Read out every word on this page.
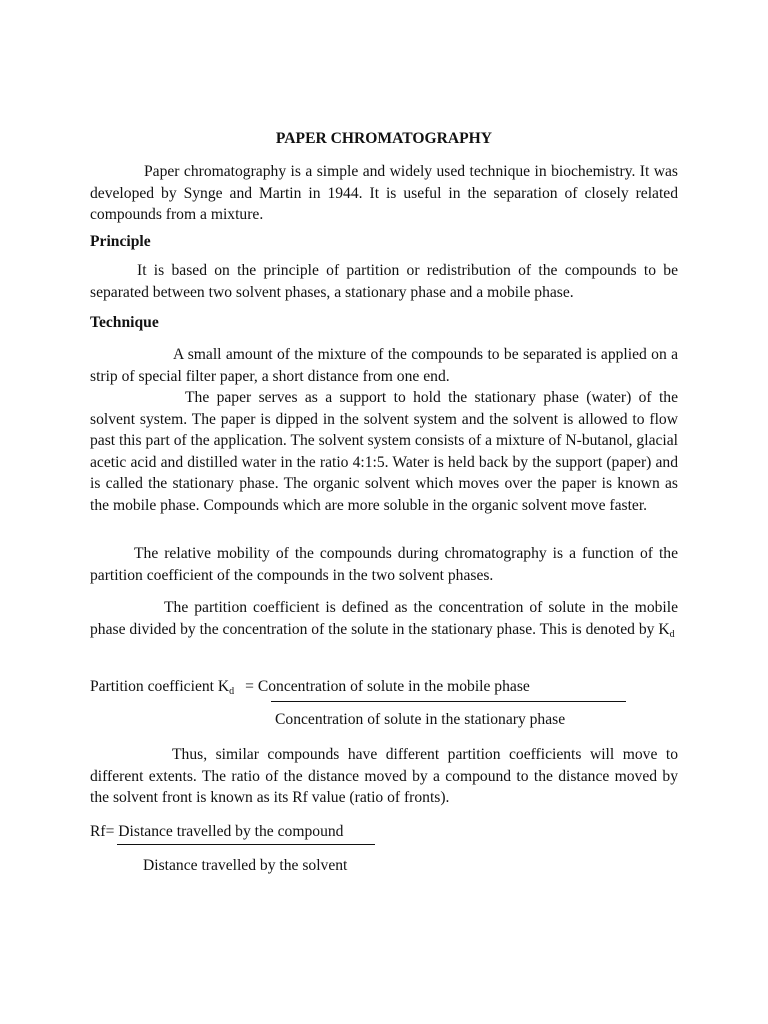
PAPER CHROMATOGRAPHY

Paper chromatography is a simple and widely used technique in biochemistry. It was developed by Synge and Martin in 1944. It is useful in the separation of closely related compounds from a mixture.

Principle

It is based on the principle of partition or redistribution of the compounds to be separated between two solvent phases, a stationary phase and a mobile phase.

Technique

A small amount of the mixture of the compounds to be separated is applied on a strip of special filter paper, a short distance from one end.

The paper serves as a support to hold the stationary phase (water) of the solvent system. The paper is dipped in the solvent system and the solvent is allowed to flow past this part of the application. The solvent system consists of a mixture of N-butanol, glacial acetic acid and distilled water in the ratio 4:1:5. Water is held back by the support (paper) and is called the stationary phase. The organic solvent which moves over the paper is known as the mobile phase. Compounds which are more soluble in the organic solvent move faster.

The relative mobility of the compounds during chromatography is a function of the partition coefficient of the compounds in the two solvent phases.

The partition coefficient is defined as the concentration of solute in the mobile phase divided by the concentration of the solute in the stationary phase. This is denoted by $K_d$

Partition coefficient $K_d$ = Concentration of solute in the mobile phase
Concentration of solute in the stationary phase

Thus, similar compounds have different partition coefficients will move to different extents. The ratio of the distance moved by a compound to the distance moved by the solvent front is known as its Rf value (ratio of fronts).

Rf= Distance travelled by the compound
Distance travelled by the solvent
